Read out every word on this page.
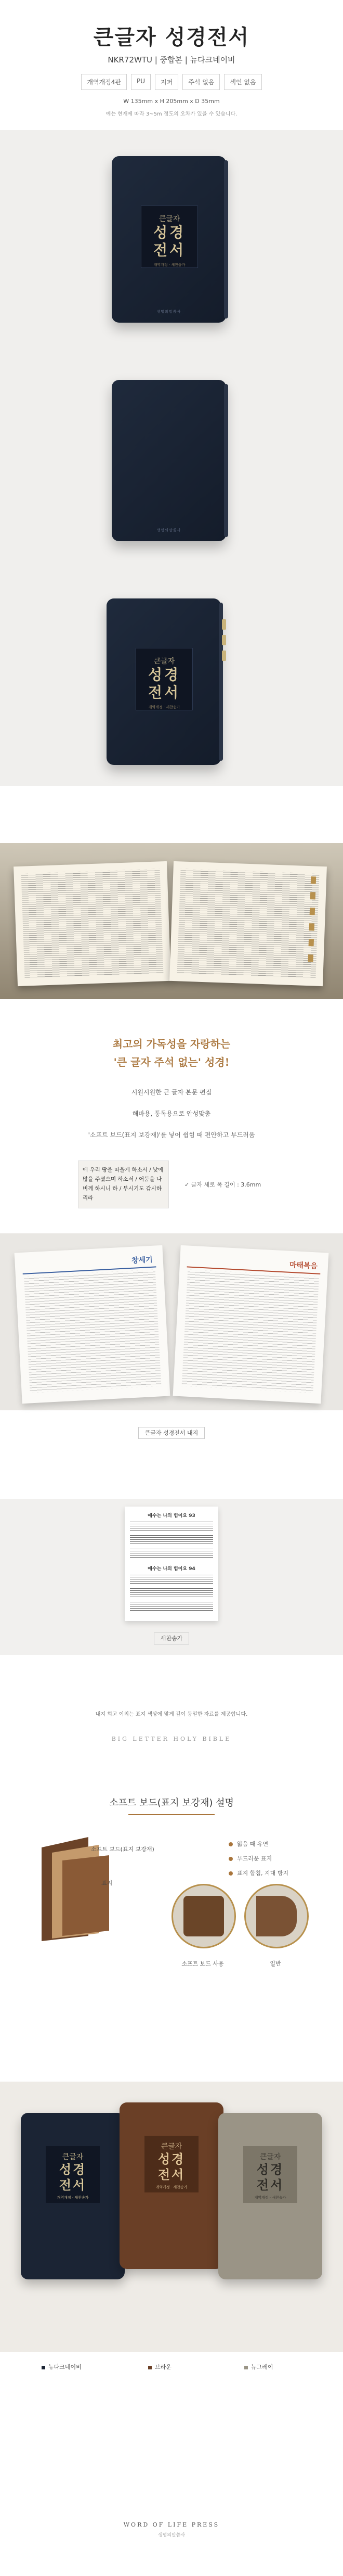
큰글자 성경전서
NKR72WTU | 중합본 | 뉴다크네이비
개역개정4판	PU	지퍼	주석 없음	색인 없음
W 135mm x H 205mm x D 35mm
예는 현재에 따라 3~5m 정도의 오차가 있을 수 있습니다.
큰글자
성경
전서
개역개정 · 새찬송가
생명의말씀사
생명의말씀사
큰글자
성경
전서
개역개정 · 새찬송가
최고의 가독성을 자랑하는
'큰 글자 주석 없는' 성경!
시원시원한 큰 글자 본문 편집
해바용, 통독용으로 안성맞춤
'소프트 보드(표지 보강재)'를 넣어 쉽힘 때 편안하고 부드러움
에 우리 땅을 떠올게 하소서 / 낮에 많을 주셨으며 하소서 / 어둠을 나비께 하시니 하 / 부시기도 감시하리라
✓ 글자 세로 폭 길이 : 3.6mm
창세기
마태복음
큰글자 성경전서 내지
예수는 나의 힘이요 93
예수는 나의 힘이요 94
새찬송가
내지 회고 이외는 표지 색상에 맞게 깊이 동일한 자료를 제공합니다.
BIG LETTER HOLY BIBLE
소프트 보드(표지 보강재) 설명
소프트 보드(표지 보강재)
표지
얇음 때 유연
부드러운 표지
표지 합침, 지대 방지
소프트 보드 사용	일반
큰글자
성경
전서
개역개정 · 새찬송가
큰글자
성경
전서
개역개정 · 새찬송가
큰글자
성경
전서
개역개정 · 새찬송가
뉴다크네이비	브라운	뉴그레이
WORD OF LIFE PRESS
생명의말씀사
